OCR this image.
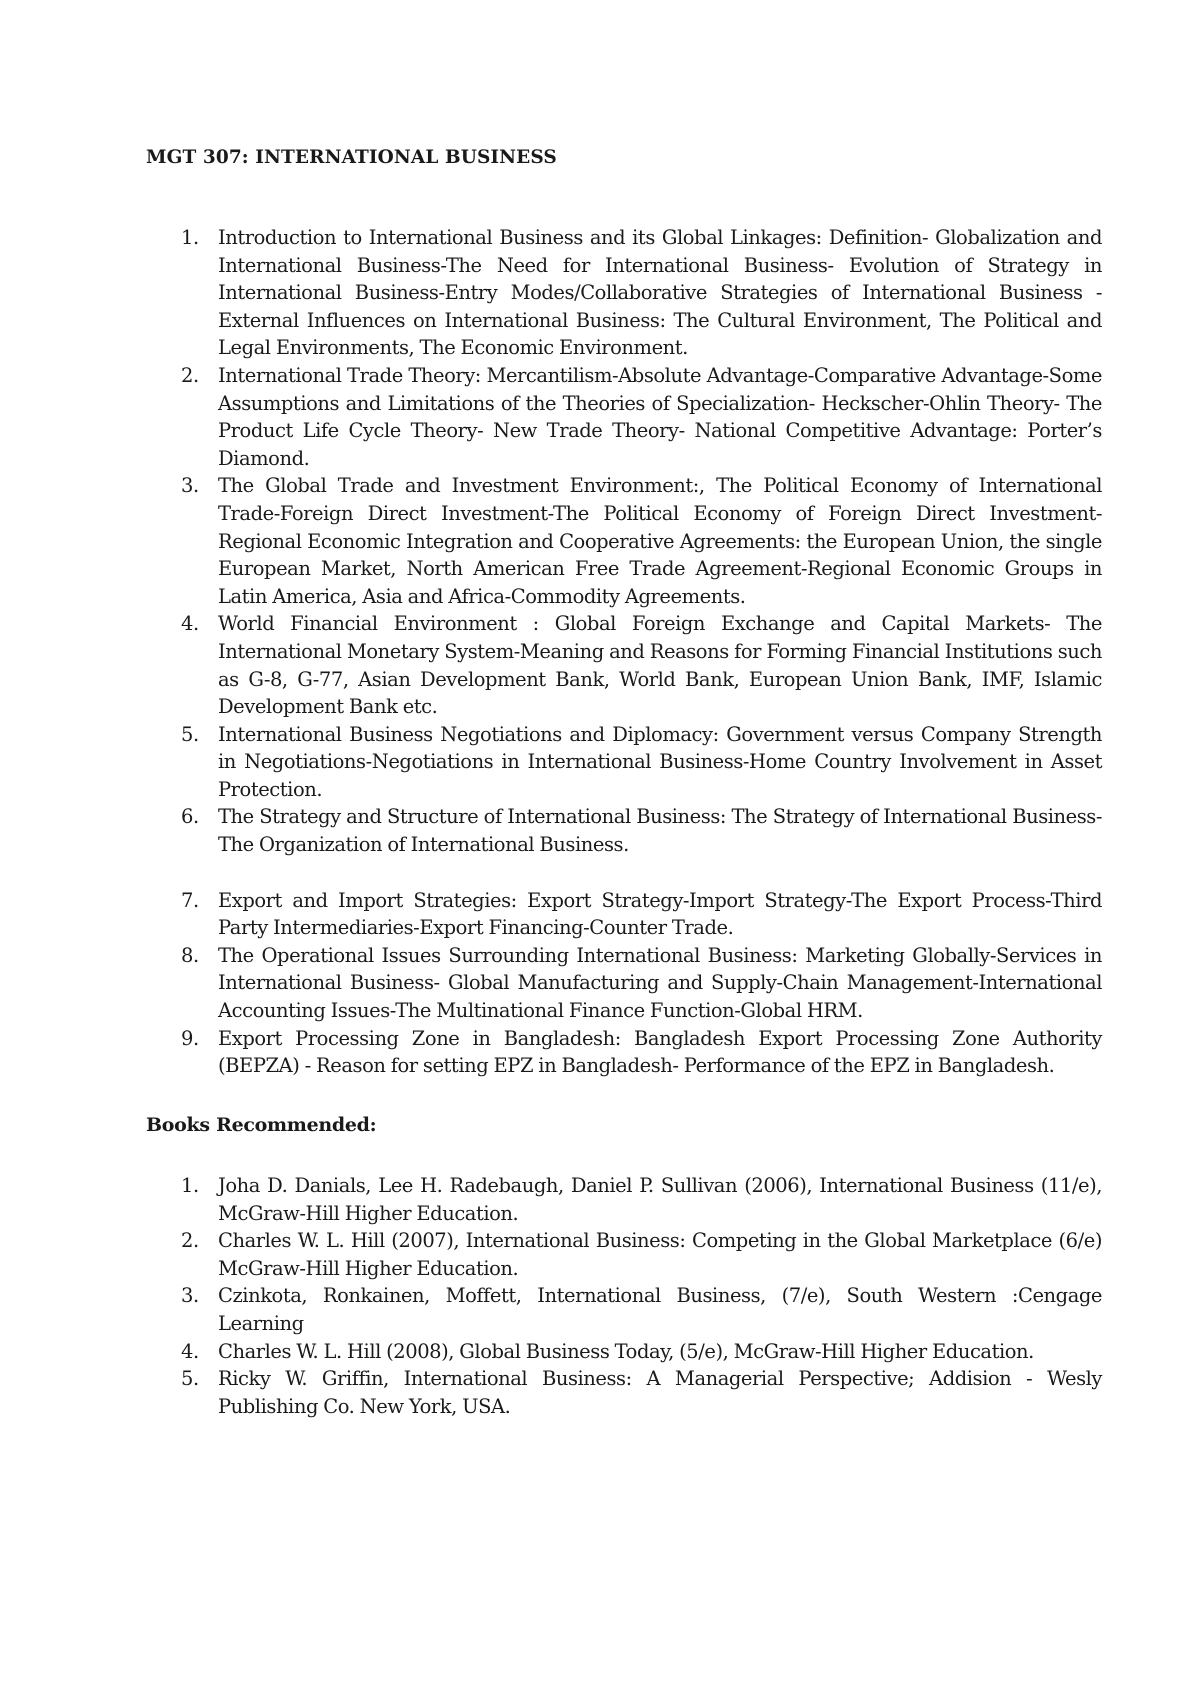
MGT 307: INTERNATIONAL BUSINESS
1. Introduction to International Business and its Global Linkages: Definition- Globalization and International Business-The Need for International Business- Evolution of Strategy in International Business-Entry Modes/Collaborative Strategies of International Business -External Influences on International Business: The Cultural Environment, The Political and Legal Environments, The Economic Environment.
2. International Trade Theory: Mercantilism-Absolute Advantage-Comparative Advantage-Some Assumptions and Limitations of the Theories of Specialization- Heckscher-Ohlin Theory- The Product Life Cycle Theory- New Trade Theory- National Competitive Advantage: Porter’s Diamond.
3. The Global Trade and Investment Environment:, The Political Economy of International Trade-Foreign Direct Investment-The Political Economy of Foreign Direct Investment-Regional Economic Integration and Cooperative Agreements: the European Union, the single European Market, North American Free Trade Agreement-Regional Economic Groups in Latin America, Asia and Africa-Commodity Agreements.
4. World Financial Environment : Global Foreign Exchange and Capital Markets- The International Monetary System-Meaning and Reasons for Forming Financial Institutions such as G-8, G-77, Asian Development Bank, World Bank, European Union Bank, IMF, Islamic Development Bank etc.
5. International Business Negotiations and Diplomacy: Government versus Company Strength in Negotiations-Negotiations in International Business-Home Country Involvement in Asset Protection.
6. The Strategy and Structure of International Business: The Strategy of International Business-The Organization of International Business.
7. Export and Import Strategies: Export Strategy-Import Strategy-The Export Process-Third Party Intermediaries-Export Financing-Counter Trade.
8. The Operational Issues Surrounding International Business: Marketing Globally-Services in International Business- Global Manufacturing and Supply-Chain Management-International Accounting Issues-The Multinational Finance Function-Global HRM.
9. Export Processing Zone in Bangladesh: Bangladesh Export Processing Zone Authority (BEPZA) - Reason for setting EPZ in Bangladesh- Performance of the EPZ in Bangladesh.
Books Recommended:
1. Joha D. Danials, Lee H. Radebaugh, Daniel P. Sullivan (2006), International Business (11/e), McGraw-Hill Higher Education.
2. Charles W. L. Hill (2007), International Business: Competing in the Global Marketplace (6/e) McGraw-Hill Higher Education.
3. Czinkota, Ronkainen, Moffett, International Business, (7/e), South Western :Cengage Learning
4. Charles W. L. Hill (2008), Global Business Today, (5/e), McGraw-Hill Higher Education.
5. Ricky W. Griffin, International Business: A Managerial Perspective; Addision - Wesly Publishing Co. New York, USA.
